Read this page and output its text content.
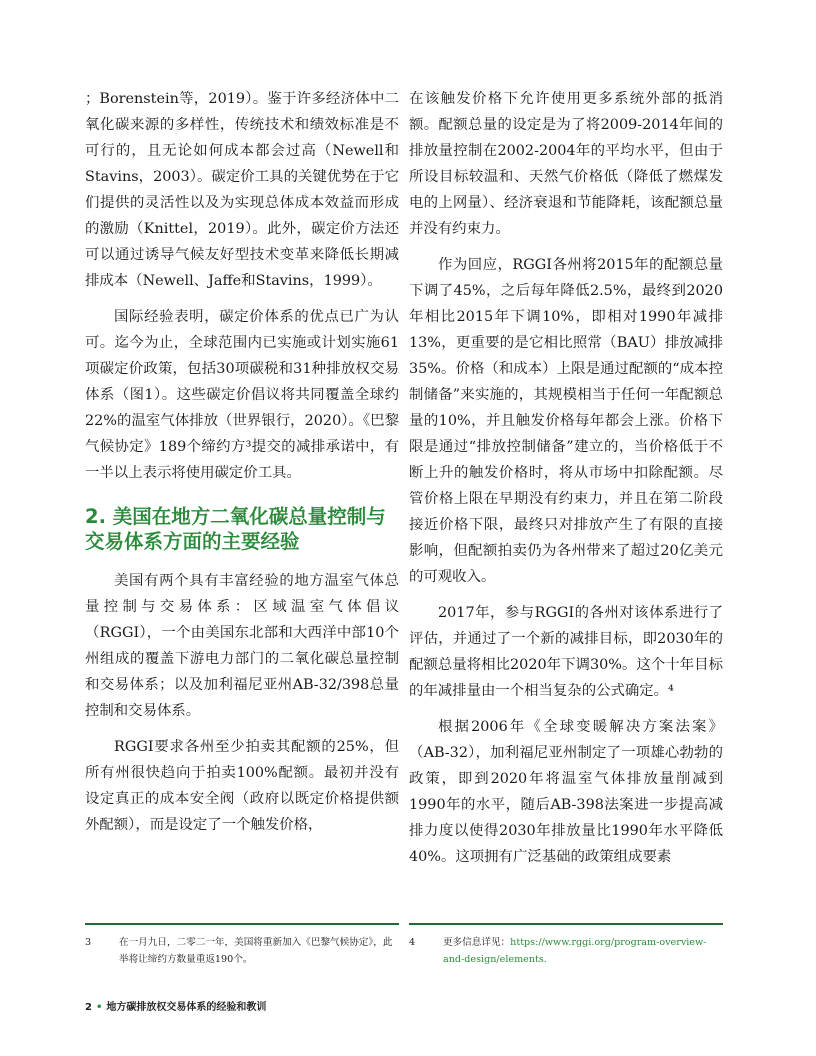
；Borenstein等，2019）。鉴于许多经济体中二氧化碳来源的多样性，传统技术和绩效标准是不可行的，且无论如何成本都会过高（Newell和Stavins，2003）。碳定价工具的关键优势在于它们提供的灵活性以及为实现总体成本效益而形成的激励（Knittel，2019）。此外，碳定价方法还可以通过诱导气候友好型技术变革来降低长期减排成本（Newell、Jaffe和Stavins，1999）。

国际经验表明，碳定价体系的优点已广为认可。迄今为止，全球范围内已实施或计划实施61项碳定价政策，包括30项碳税和31种排放权交易体系（图1）。这些碳定价倡议将共同覆盖全球约22%的温室气体排放（世界银行，2020）。《巴黎气候协定》189个缔约方³提交的减排承诺中，有一半以上表示将使用碳定价工具。

2. 美国在地方二氧化碳总量控制与交易体系方面的主要经验

美国有两个具有丰富经验的地方温室气体总量控制与交易体系：区域温室气体倡议（RGGI），一个由美国东北部和大西洋中部10个州组成的覆盖下游电力部门的二氧化碳总量控制和交易体系；以及加利福尼亚州AB-32/398总量控制和交易体系。

RGGI要求各州至少拍卖其配额的25%，但所有州很快趋向于拍卖100%配额。最初并没有设定真正的成本安全阀（政府以既定价格提供额外配额），而是设定了一个触发价格，

在该触发价格下允许使用更多系统外部的抵消额。配额总量的设定是为了将2009-2014年间的排放量控制在2002-2004年的平均水平，但由于所设目标较温和、天然气价格低（降低了燃煤发电的上网量）、经济衰退和节能降耗，该配额总量并没有约束力。

作为回应，RGGI各州将2015年的配额总量下调了45%，之后每年降低2.5%，最终到2020年相比2015年下调10%，即相对1990年减排13%，更重要的是它相比照常（BAU）排放减排35%。价格（和成本）上限是通过配额的“成本控制储备”来实施的，其规模相当于任何一年配额总量的10%，并且触发价格每年都会上涨。价格下限是通过“排放控制储备”建立的，当价格低于不断上升的触发价格时，将从市场中扣除配额。尽管价格上限在早期没有约束力，并且在第二阶段接近价格下限，最终只对排放产生了有限的直接影响，但配额拍卖仍为各州带来了超过20亿美元的可观收入。

2017年，参与RGGI的各州对该体系进行了评估，并通过了一个新的减排目标，即2030年的配额总量将相比2020年下调30%。这个十年目标的年减排量由一个相当复杂的公式确定。⁴

根据2006年《全球变暖解决方案法案》（AB-32），加利福尼亚州制定了一项雄心勃勃的政策，即到2020年将温室气体排放量削减到1990年的水平，随后AB-398法案进一步提高减排力度以使得2030年排放量比1990年水平降低40%。这项拥有广泛基础的政策组成要素

3	在一月九日，二零二一年，美国将重新加入《巴黎气候协定》，此举将让缔约方数量重返190个。
4	更多信息详见：https://www.rggi.org/program-overview-and-design/elements.
2 • 地方碳排放权交易体系的经验和教训
